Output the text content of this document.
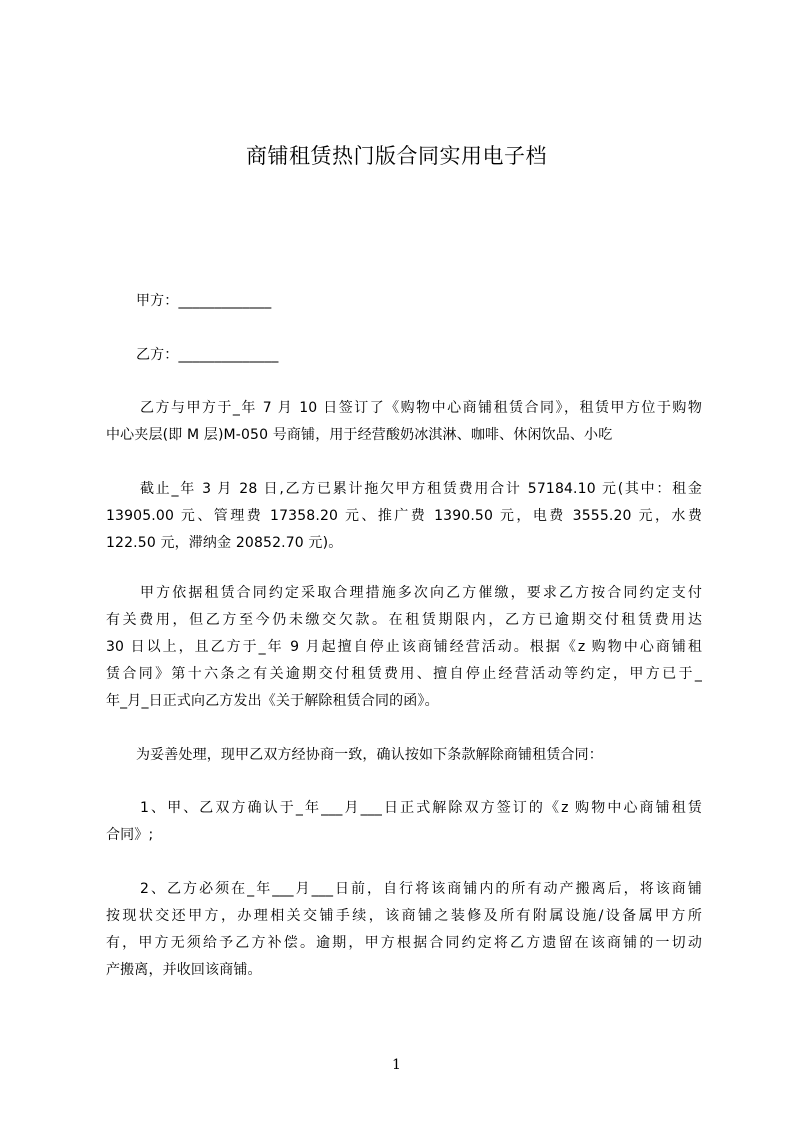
商铺租赁热门版合同实用电子档
甲方：_____________
乙方：______________
乙方与甲方于_年 7 月 10 日签订了《购物中心商铺租赁合同》，租赁甲方位于购物
中心夹层(即 M 层)M-050 号商铺，用于经营酸奶冰淇淋、咖啡、休闲饮品、小吃
截止_年 3 月 28 日,乙方已累计拖欠甲方租赁费用合计 57184.10 元(其中：租金
13905.00 元、管理费 17358.20 元、推广费 1390.50 元，电费 3555.20 元，水费
122.50 元，滞纳金 20852.70 元)。
甲方依据租赁合同约定采取合理措施多次向乙方催缴，要求乙方按合同约定支付
有关费用，但乙方至今仍未缴交欠款。在租赁期限内，乙方已逾期交付租赁费用达
30 日以上，且乙方于_年 9 月起擅自停止该商铺经营活动。根据《z 购物中心商铺租
赁合同》第十六条之有关逾期交付租赁费用、擅自停止经营活动等约定，甲方已于_
年_月_日正式向乙方发出《关于解除租赁合同的函》。
为妥善处理，现甲乙双方经协商一致，确认按如下条款解除商铺租赁合同：
1、甲、乙双方确认于_年___月___日正式解除双方签订的《z 购物中心商铺租赁
合同》;
2、乙方必须在_年___月___日前，自行将该商铺内的所有动产搬离后，将该商铺
按现状交还甲方，办理相关交铺手续，该商铺之装修及所有附属设施/设备属甲方所
有，甲方无须给予乙方补偿。逾期，甲方根据合同约定将乙方遗留在该商铺的一切动
产搬离，并收回该商铺。
1
